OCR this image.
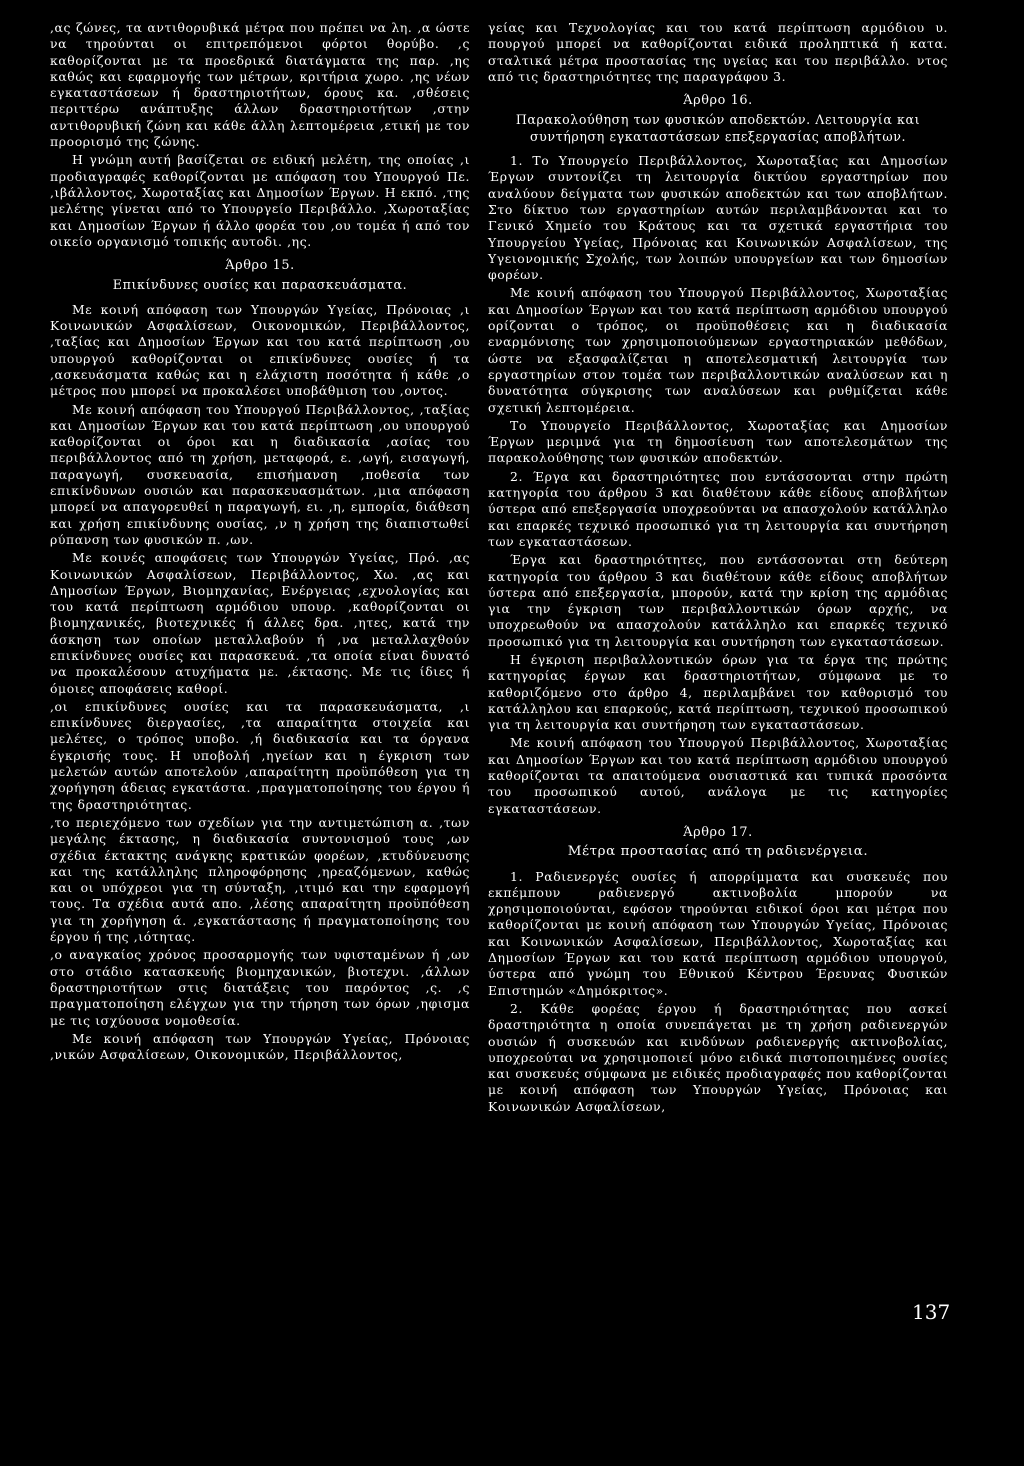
,ας ζώνες, τα αντιθορυβικά μέτρα που πρέπει να λη. ,α ώστε να τηρούνται οι επιτρεπόμενοι φόρτοι θορύβο. ,ς καθορίζονται με τα προεδρικά διατάγματα της παρ. ,ης καθώς και εφαρμογής των μέτρων, κριτήρια χωρο. ,ης νέων εγκαταστάσεων ή δραστηριοτήτων, όρους κα. ,σθέσεις περιττέρω ανάπτυξης άλλων δραστηριοτήτων ,στην αντιθορυβική ζώνη και κάθε άλλη λεπτομέρεια ,ετική με τον προορισμό της ζώνης.

Η γνώμη αυτή βασίζεται σε ειδική μελέτη, της οποίας ,ι προδιαγραφές καθορίζονται με απόφαση του Υπουργού Πε. ,ιβάλλοντος, Χωροταξίας και Δημοσίων Έργων. Η εκπό. ,της μελέτης γίνεται από το Υπουργείο Περιβάλλο. ,Χωροταξίας και Δημοσίων Έργων ή άλλο φορέα του ,ου τομέα ή από τον οικείο οργανισμό τοπικής αυτοδι. ,ης.

Άρθρο 15.
Επικίνδυνες ουσίες και παρασκευάσματα.

Με κοινή απόφαση των Υπουργών Υγείας, Πρόνοιας ,ι Κοινωνικών Ασφαλίσεων, Οικονομικών, Περιβάλλοντος, ,ταξίας και Δημοσίων Έργων και του κατά περίπτωση ,ου υπουργού καθορίζονται οι επικίνδυνες ουσίες ή τα ,ασκευάσματα καθώς και η ελάχιστη ποσότητα ή κάθε ,ο μέτρος που μπορεί να προκαλέσει υποβάθμιση του ,οντος.

Με κοινή απόφαση του Υπουργού Περιβάλλοντος, ,ταξίας και Δημοσίων Έργων και του κατά περίπτωση ,ου υπουργού καθορίζονται οι όροι και η διαδικασία ,ασίας του περιβάλλοντος από τη χρήση, μεταφορά, ε. ,ωγή, εισαγωγή, παραγωγή, συσκευασία, επισήμανση ,ποθεσία των επικίνδυνων ουσιών και παρασκευασμάτων. ,μια απόφαση μπορεί να απαγορευθεί η παραγωγή, ει. ,η, εμπορία, διάθεση και χρήση επικίνδυνης ουσίας, ,ν η χρήση της διαπιστωθεί ρύπανση των φυσικών π. ,ων.

Με κοινές αποφάσεις των Υπουργών Υγείας, Πρό. ,ας Κοινωνικών Ασφαλίσεων, Περιβάλλοντος, Χω. ,ας και Δημοσίων Έργων, Βιομηχανίας, Ενέργειας ,εχνολογίας και του κατά περίπτωση αρμόδιου υπουρ. ,καθορίζονται οι βιομηχανικές, βιοτεχνικές ή άλλες δρα. ,ητες, κατά την άσκηση των οποίων μεταλλαβούν ή ,να μεταλλαχθούν επικίνδυνες ουσίες και παρασκευά. ,τα οποία είναι δυνατό να προκαλέσουν ατυχήματα με. ,έκτασης. Με τις ίδιες ή όμοιες αποφάσεις καθορί.

,οι επικίνδυνες ουσίες και τα παρασκευάσματα, ,ι επικίνδυνες διεργασίες, ,τα απαραίτητα στοιχεία και μελέτες, ο τρόπος υποβο. ,ή διαδικασία και τα όργανα έγκρισής τους. Η υποβολή ,ηγείων και η έγκριση των μελετών αυτών αποτελούν ,απαραίτητη προϋπόθεση για τη χορήγηση άδειας εγκατάστα. ,πραγματοποίησης του έργου ή της δραστηριότητας.

,το περιεχόμενο των σχεδίων για την αντιμετώπιση α. ,των μεγάλης έκτασης, η διαδικασία συντονισμού τους ,ων σχέδια έκτακτης ανάγκης κρατικών φορέων, ,κτυδύνευσης και της κατάλληλης πληροφόρησης ,ηρεαζόμενων, καθώς και οι υπόχρεοι για τη σύνταξη, ,ιτιμό και την εφαρμογή τους. Τα σχέδια αυτά απο. ,λέσης απαραίτητη προϋπόθεση για τη χορήγηση ά. ,εγκατάστασης ή πραγματοποίησης του έργου ή της ,ιότητας.

,ο αναγκαίος χρόνος προσαρμογής των υφισταμένων ή ,ων στο στάδιο κατασκευής βιομηχανικών, βιοτεχνι. ,άλλων δραστηριοτήτων στις διατάξεις του παρόντος ,ς. ,ς πραγματοποίηση ελέγχων για την τήρηση των όρων ,ηφισμα με τις ισχύουσα νομοθεσία.

Με κοινή απόφαση των Υπουργών Υγείας, Πρόνοιας ,νικών Ασφαλίσεων, Οικονομικών, Περιβάλλοντος,

γείας και Τεχνολογίας και του κατά περίπτωση αρμόδιου υ. πουργού μπορεί να καθορίζονται ειδικά προληπτικά ή κατα. σταλτικά μέτρα προστασίας της υγείας και του περιβάλλο. ντος από τις δραστηριότητες της παραγράφου 3.

Άρθρο 16.
Παρακολούθηση των φυσικών αποδεκτών. Λειτουργία και συντήρηση εγκαταστάσεων επεξεργασίας αποβλήτων.

1. Το Υπουργείο Περιβάλλοντος, Χωροταξίας και Δημοσίων Έργων συντονίζει τη λειτουργία δικτύου εργαστηρίων που αναλύουν δείγματα των φυσικών αποδεκτών και των αποβλήτων. Στο δίκτυο των εργαστηρίων αυτών περιλαμβάνονται και το Γενικό Χημείο του Κράτους και τα σχετικά εργαστήρια του Υπουργείου Υγείας, Πρόνοιας και Κοινωνικών Ασφαλίσεων, της Υγειονομικής Σχολής, των λοιπών υπουργείων και των δημοσίων φορέων.

Με κοινή απόφαση του Υπουργού Περιβάλλοντος, Χωροταξίας και Δημοσίων Έργων και του κατά περίπτωση αρμόδιου υπουργού ορίζονται ο τρόπος, οι προϋποθέσεις και η διαδικασία εναρμόνισης των χρησιμοποιούμενων εργαστηριακών μεθόδων, ώστε να εξασφαλίζεται η αποτελεσματική λειτουργία των εργαστηρίων στον τομέα των περιβαλλοντικών αναλύσεων και η δυνατότητα σύγκρισης των αναλύσεων και ρυθμίζεται κάθε σχετική λεπτομέρεια.

Το Υπουργείο Περιβάλλοντος, Χωροταξίας και Δημοσίων Έργων μεριμνά για τη δημοσίευση των αποτελεσμάτων της παρακολούθησης των φυσικών αποδεκτών.

2. Έργα και δραστηριότητες που εντάσσονται στην πρώτη κατηγορία του άρθρου 3 και διαθέτουν κάθε είδους αποβλήτων ύστερα από επεξεργασία υποχρεούνται να απασχολούν κατάλληλο και επαρκές τεχνικό προσωπικό για τη λειτουργία και συντήρηση των εγκαταστάσεων.

Έργα και δραστηριότητες, που εντάσσονται στη δεύτερη κατηγορία του άρθρου 3 και διαθέτουν κάθε είδους αποβλήτων ύστερα από επεξεργασία, μπορούν, κατά την κρίση της αρμόδιας για την έγκριση των περιβαλλοντικών όρων αρχής, να υποχρεωθούν να απασχολούν κατάλληλο και επαρκές τεχνικό προσωπικό για τη λειτουργία και συντήρηση των εγκαταστάσεων.

Η έγκριση περιβαλλοντικών όρων για τα έργα της πρώτης κατηγορίας έργων και δραστηριοτήτων, σύμφωνα με το καθοριζόμενο στο άρθρο 4, περιλαμβάνει τον καθορισμό του κατάλληλου και επαρκούς, κατά περίπτωση, τεχνικού προσωπικού για τη λειτουργία και συντήρηση των εγκαταστάσεων.

Με κοινή απόφαση του Υπουργού Περιβάλλοντος, Χωροταξίας και Δημοσίων Έργων και του κατά περίπτωση αρμόδιου υπουργού καθορίζονται τα απαιτούμενα ουσιαστικά και τυπικά προσόντα του προσωπικού αυτού, ανάλογα με τις κατηγορίες εγκαταστάσεων.

Άρθρο 17.
Μέτρα προστασίας από τη ραδιενέργεια.

1. Ραδιενεργές ουσίες ή απορρίμματα και συσκευές που εκπέμπουν ραδιενεργό ακτινοβολία μπορούν να χρησιμοποιούνται, εφόσον τηρούνται ειδικοί όροι και μέτρα που καθορίζονται με κοινή απόφαση των Υπουργών Υγείας, Πρόνοιας και Κοινωνικών Ασφαλίσεων, Περιβάλλοντος, Χωροταξίας και Δημοσίων Έργων και του κατά περίπτωση αρμόδιου υπουργού, ύστερα από γνώμη του Εθνικού Κέντρου Έρευνας Φυσικών Επιστημών «Δημόκριτος».

2. Κάθε φορέας έργου ή δραστηριότητας που ασκεί δραστηριότητα η οποία συνεπάγεται με τη χρήση ραδιενεργών ουσιών ή συσκευών και κινδύνων ραδιενεργής ακτινοβολίας, υποχρεούται να χρησιμοποιεί μόνο ειδικά πιστοποιημένες ουσίες και συσκευές σύμφωνα με ειδικές προδιαγραφές που καθορίζονται με κοινή απόφαση των Υπουργών Υγείας, Πρόνοιας και Κοινωνικών Ασφαλίσεων,

137
